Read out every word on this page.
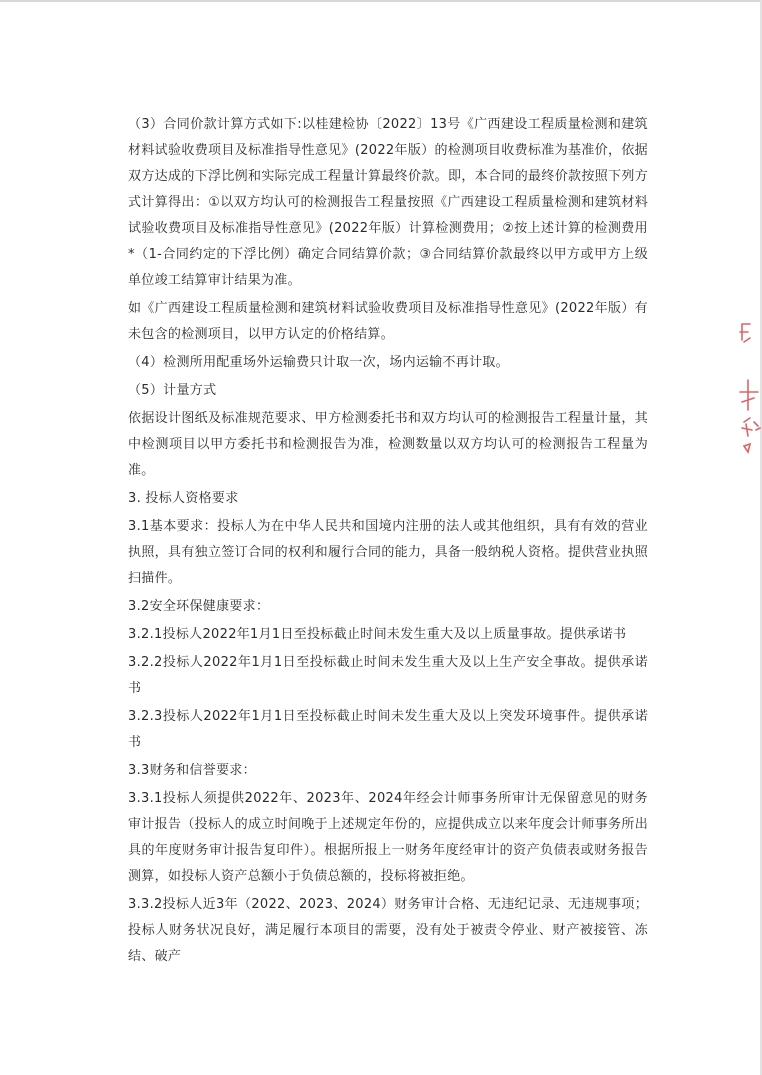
（3）合同价款计算方式如下:以桂建检协〔2022〕13号《广西建设工程质量检测和建筑材料试验收费项目及标准指导性意见》(2022年版）的检测项目收费标准为基准价，依据双方达成的下浮比例和实际完成工程量计算最终价款。即，本合同的最终价款按照下列方式计算得出：①以双方均认可的检测报告工程量按照《广西建设工程质量检测和建筑材料试验收费项目及标准指导性意见》(2022年版）计算检测费用；②按上述计算的检测费用*（1-合同约定的下浮比例）确定合同结算价款；③合同结算价款最终以甲方或甲方上级单位竣工结算审计结果为准。

如《广西建设工程质量检测和建筑材料试验收费项目及标准指导性意见》(2022年版）有未包含的检测项目，以甲方认定的价格结算。

（4）检测所用配重场外运输费只计取一次，场内运输不再计取。

（5）计量方式

依据设计图纸及标准规范要求、甲方检测委托书和双方均认可的检测报告工程量计量，其中检测项目以甲方委托书和检测报告为准，检测数量以双方均认可的检测报告工程量为准。

3. 投标人资格要求

3.1基本要求：投标人为在中华人民共和国境内注册的法人或其他组织，具有有效的营业执照，具有独立签订合同的权利和履行合同的能力，具备一般纳税人资格。提供营业执照扫描件。

3.2安全环保健康要求：

3.2.1投标人2022年1月1日至投标截止时间未发生重大及以上质量事故。提供承诺书

3.2.2投标人2022年1月1日至投标截止时间未发生重大及以上生产安全事故。提供承诺书

3.2.3投标人2022年1月1日至投标截止时间未发生重大及以上突发环境事件。提供承诺书

3.3财务和信誉要求：

3.3.1投标人须提供2022年、2023年、2024年经会计师事务所审计无保留意见的财务审计报告（投标人的成立时间晚于上述规定年份的，应提供成立以来年度会计师事务所出具的年度财务审计报告复印件）。根据所报上一财务年度经审计的资产负债表或财务报告测算，如投标人资产总额小于负债总额的，投标将被拒绝。

3.3.2投标人近3年（2022、2023、2024）财务审计合格、无违纪记录、无违规事项；投标人财务状况良好，满足履行本项目的需要，没有处于被责令停业、财产被接管、冻结、破产
